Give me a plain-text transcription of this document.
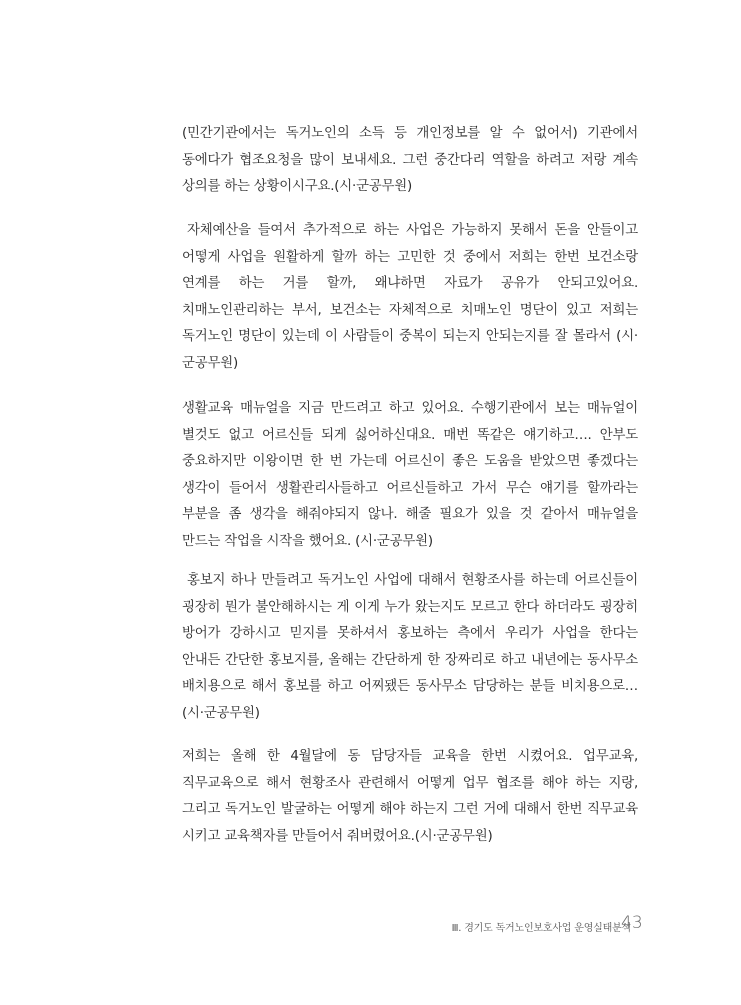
(민간기관에서는 독거노인의 소득 등 개인정보를 알 수 없어서) 기관에서 동에다가 협조요청을 많이 보내세요. 그런 중간다리 역할을 하려고 저랑 계속 상의를 하는 상황이시구요.(시·군공무원)

자체예산을 들여서 추가적으로 하는 사업은 가능하지 못해서 돈을 안들이고 어떻게 사업을 원활하게 할까 하는 고민한 것 중에서 저희는 한번 보건소랑 연계를 하는 거를 할까, 왜냐하면 자료가 공유가 안되고있어요. 치매노인관리하는 부서, 보건소는 자체적으로 치매노인 명단이 있고 저희는 독거노인 명단이 있는데 이 사람들이 중복이 되는지 안되는지를 잘 몰라서 (시·군공무원)

생활교육 매뉴얼을 지금 만드려고 하고 있어요. 수행기관에서 보는 매뉴얼이 별것도 없고 어르신들 되게 싫어하신대요. 매번 똑같은 얘기하고…. 안부도 중요하지만 이왕이면 한 번 가는데 어르신이 좋은 도움을 받았으면 좋겠다는 생각이 들어서 생활관리사들하고 어르신들하고 가서 무슨 얘기를 할까라는 부분을 좀 생각을 해줘야되지 않나. 해줄 필요가 있을 것 같아서 매뉴얼을 만드는 작업을 시작을 했어요. (시·군공무원)

홍보지 하나 만들려고 독거노인 사업에 대해서 현황조사를 하는데 어르신들이 굉장히 뭔가 불안해하시는 게 이게 누가 왔는지도 모르고 한다 하더라도 굉장히 방어가 강하시고 믿지를 못하셔서 홍보하는 측에서 우리가 사업을 한다는 안내든 간단한 홍보지를, 올해는 간단하게 한 장짜리로 하고 내년에는 동사무소 배치용으로 해서 홍보를 하고 어찌됐든 동사무소 담당하는 분들 비치용으로…(시·군공무원)

저희는 올해 한 4월달에 동 담당자들 교육을 한번 시켰어요. 업무교육, 직무교육으로 해서 현황조사 관련해서 어떻게 업무 협조를 해야 하는 지랑, 그리고 독거노인 발굴하는 어떻게 해야 하는지 그런 거에 대해서 한번 직무교육 시키고 교육책자를 만들어서 줘버렸어요.(시·군공무원)

Ⅲ. 경기도 독거노인보호사업 운영실태분석
43
